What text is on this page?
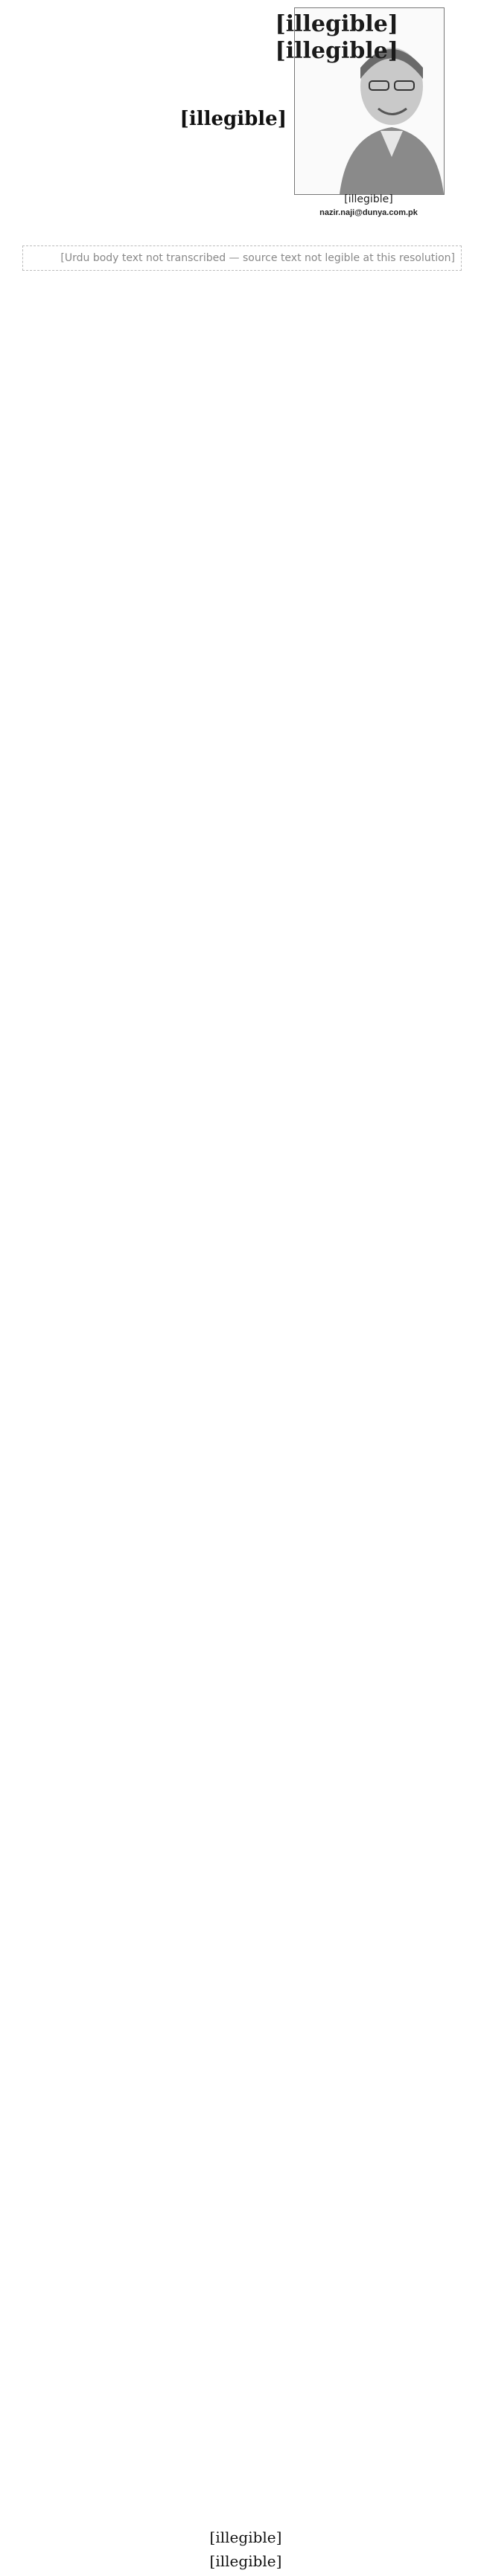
[illegible]
[illegible]
[illegible]
nazir.naji@dunya.com.pk
[illegible]

[Urdu body text not transcribed — source text not legible at this resolution]

[illegible]
[illegible]
